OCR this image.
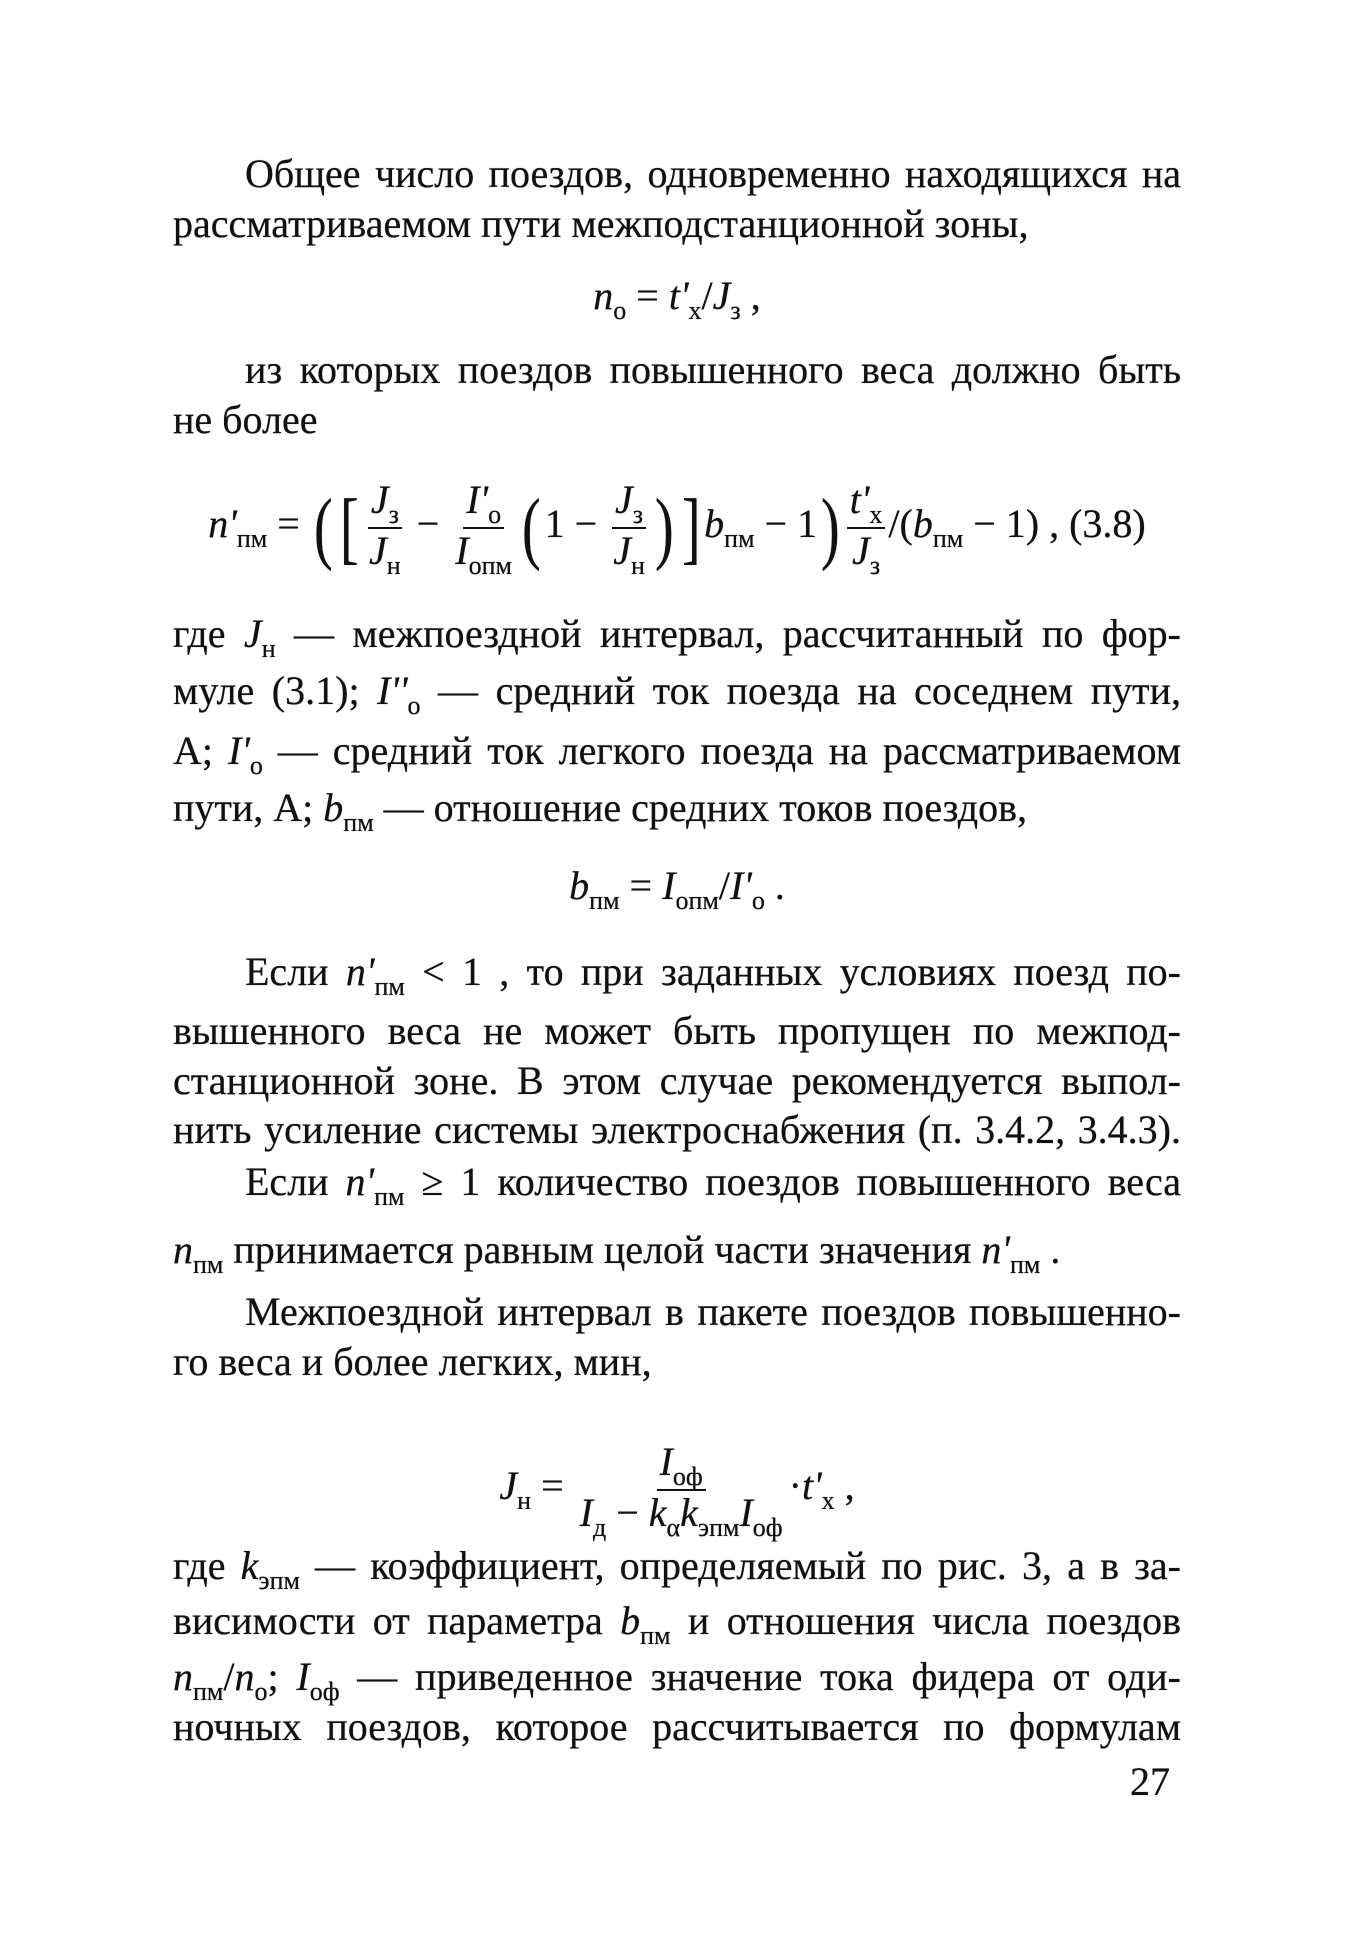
Общее число поездов, одновременно находящихся на
рассматриваемом пути межподстанционной зоны,
$n_о = t'_x/J_з$ ,
из которых поездов повышенного веса должно быть
не более
$n'_{пм}$ = ([ $\frac{J_з}{J_н} - \frac{I'_о}{I_{опм}} (1 - \frac{J_з}{J_н} )]b_{пм} - 1) \frac{t'_x}{J_з} /(b_{пм} - 1)$ , (3.8)
где $J_н$ — межпоездной интервал, рассчитанный по фор-
муле (3.1); $I''_о$ — средний ток поезда на соседнем пути,
А; $I'_о$ — средний ток легкого поезда на рассматриваемом
пути, А; $b_{пм}$ — отношение средних токов поездов,
$b_{пм} = I_{опм}/I'_о$ .
Если $n'_{пм} < 1$ , то при заданных условиях поезд по-
вышенного веса не может быть пропущен по межпод-
станционной зоне. В этом случае рекомендуется выпол-
нить усиление системы электроснабжения (п. 3.4.2, 3.4.3).
Если $n'_{пм} \ge 1$ количество поездов повышенного веса
$n_{пм}$ принимается равным целой части значения $n'_{пм}$ .
Межпоездной интервал в пакете поездов повышенно-
го веса и более легких, мин,
$J_н = \frac{I_{оф}}{I_д - k_\alpha k_{эпм}I_{оф}} \cdot t'_x$ ,
где $k_{эпм}$ — коэффициент, определяемый по рис. 3, а в за-
висимости от параметра $b_{пм}$ и отношения числа поездов
$n_{пм}/n_о$; $I_{оф}$ — приведенное значение тока фидера от оди-
ночных поездов, которое рассчитывается по формулам
27
